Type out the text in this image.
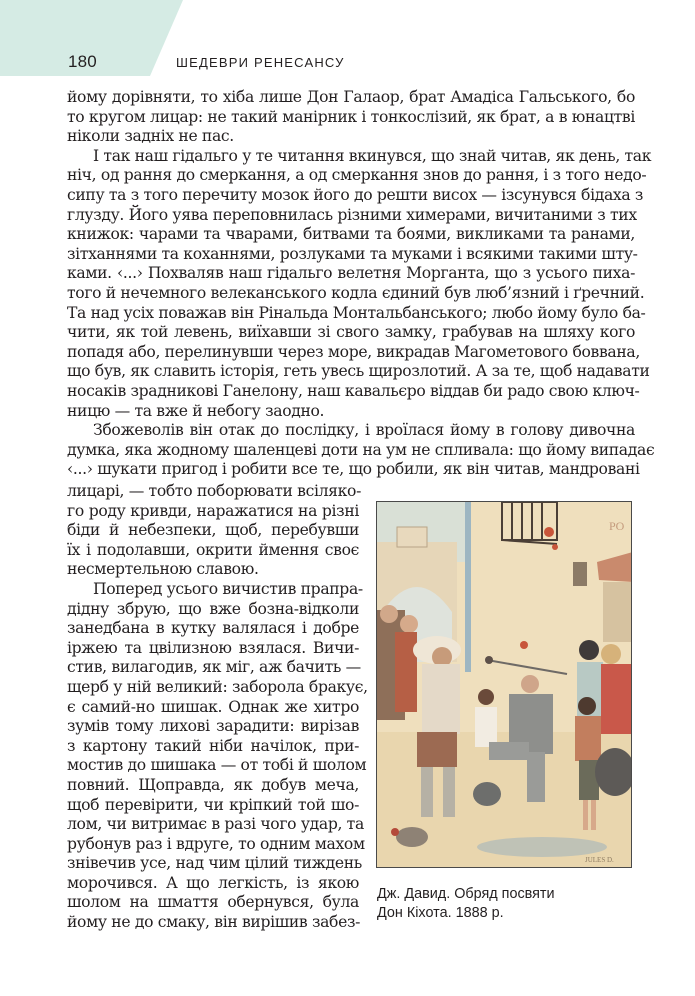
180	ШЕДЕВРИ РЕНЕСАНСУ
йому дорівняти, то хіба лише Дон Галаор, брат Амадіса Гальського, бо
то кругом лицар: не такий манірник і тонкослізий, як брат, а в юнацтві
ніколи задніх не пас.
І так наш гідальго у те читання вкинувся, що знай читав, як день, так
ніч, од рання до смеркання, а од смеркання знов до рання, і з того недо-
сипу та з того перечиту мозок його до решти висох — ізсунувся бідаха з
глузду. Його уява переповнилась різними химерами, вичитаними з тих
книжок: чарами та чварами, битвами та боями, викликами та ранами,
зітханнями та коханнями, розлуками та муками і всякими такими шту-
ками. ‹...› Похваляв наш гідальго велетня Морганта, що з усього пиха-
того й нечемного велеканського кодла єдиний був люб’язний і ґречний.
Та над усіх поважав він Рінальда Монтальбанського; любо йому було ба-
чити, як той левень, виїхавши зі свого замку, грабував на шляху кого
попадя або, перелинувши через море, викрадав Магометового боввана,
що був, як славить історія, геть увесь щирозлотий. А за те, щоб надавати
носаків зрадникові Ганелону, наш кавальєро віддав би радо свою ключ-
ницю — та вже й небогу заодно.
Збожеволів він отак до послідку, і вроїлася йому в голову дивочна
думка, яка жодному шаленцеві доти на ум не спливала: що йому випадає
‹...› шукати пригод і робити все те, що робили, як він читав, мандровані
лицарі, — тобто поборювати всіляко-
го роду кривди, наражатися на різні
біди й небезпеки, щоб, перебувши
їх і подолавши, окрити ймення своє
несмертельною славою.
Поперед усього вичистив прапра-
дідну збрую, що вже бозна-відколи
занедбана в кутку валялася і добре
іржею та цвілизною взялася. Вичи-
стив, вилагодив, як міг, аж бачить —
щерб у ній великий: заборола бракує,
є самий-но шишак. Однак же хитро
зумів тому лихові зарадити: вирізав
з картону такий ніби начілок, при-
мостив до шишака — от тобі й шолом
повний. Щоправда, як добув меча,
щоб перевірити, чи кріпкий той шо-
лом, чи витримає в разі чого удар, та
рубонув раз і вдруге, то одним махом
знівечив усе, над чим цілий тиждень
морочився. А що легкість, із якою
шолом на шмаття обернувся, була
йому не до смаку, він вирішив забез-
PO
JULES D.
Дж. Давид. Обряд посвяти
Дон Кіхота. 1888 р.
